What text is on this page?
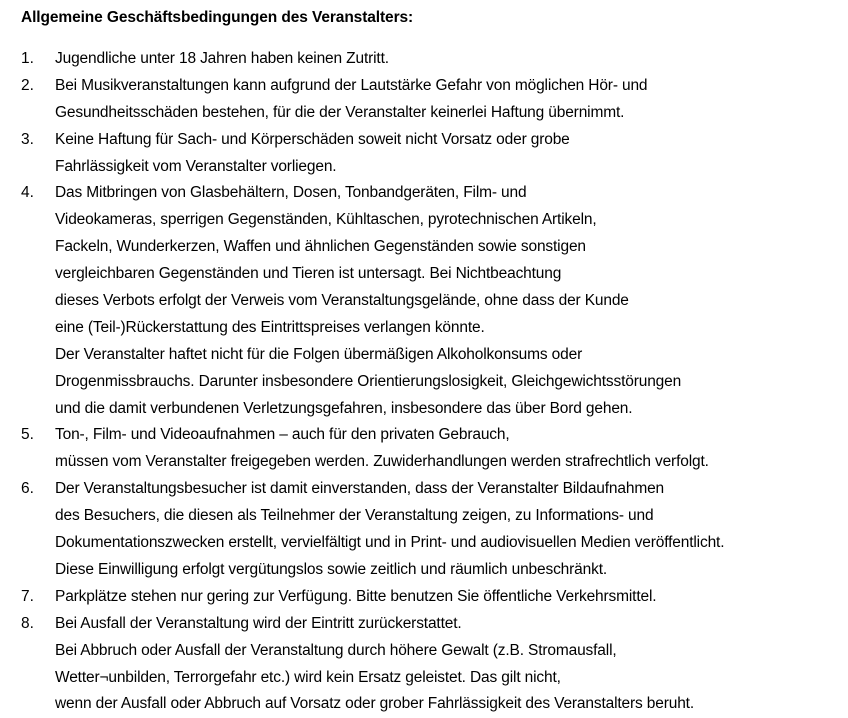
Allgemeine Geschäftsbedingungen des Veranstalters:
1.	Jugendliche unter 18 Jahren haben keinen Zutritt.
2.	Bei Musikveranstaltungen kann aufgrund der Lautstärke Gefahr von möglichen Hör- und
Gesundheitsschäden bestehen, für die der Veranstalter keinerlei Haftung übernimmt.
3.	Keine Haftung für Sach- und Körperschäden soweit nicht Vorsatz oder grobe
Fahrlässigkeit vom Veranstalter vorliegen.
4.	Das Mitbringen von Glasbehältern, Dosen, Tonbandgeräten, Film- und
Videokameras, sperrigen Gegenständen, Kühltaschen, pyrotechnischen Artikeln,
Fackeln, Wunderkerzen, Waffen und ähnlichen Gegenständen sowie sonstigen
vergleichbaren Gegenständen und Tieren ist untersagt. Bei Nichtbeachtung
dieses Verbots erfolgt der Verweis vom Veranstaltungsgelände, ohne dass der Kunde
eine (Teil-)Rückerstattung des Eintrittspreises verlangen könnte.
Der Veranstalter haftet nicht für die Folgen übermäßigen Alkoholkonsums oder
Drogenmissbrauchs. Darunter insbesondere Orientierungslosigkeit, Gleichgewichtsstörungen
und die damit verbundenen Verletzungsgefahren, insbesondere das über Bord gehen.
5.	Ton-, Film- und Videoaufnahmen – auch für den privaten Gebrauch,
müssen vom Veranstalter freigegeben werden. Zuwiderhandlungen werden strafrechtlich verfolgt.
6.	Der Veranstaltungsbesucher ist damit einverstanden, dass der Veranstalter Bildaufnahmen
des Besuchers, die diesen als Teilnehmer der Veranstaltung zeigen, zu Informations- und
Dokumentationszwecken erstellt, vervielfältigt und in Print- und audiovisuellen Medien veröffentlicht.
Diese Einwilligung erfolgt vergütungslos sowie zeitlich und räumlich unbeschränkt.
7.	Parkplätze stehen nur gering zur Verfügung. Bitte benutzen Sie öffentliche Verkehrsmittel.
8.	Bei Ausfall der Veranstaltung wird der Eintritt zurückerstattet.
Bei Abbruch oder Ausfall der Veranstaltung durch höhere Gewalt (z.B. Stromausfall,
Wetter¬unbilden, Terrorgefahr etc.) wird kein Ersatz geleistet. Das gilt nicht,
wenn der Ausfall oder Abbruch auf Vorsatz oder grober Fahrlässigkeit des Veranstalters beruht.
